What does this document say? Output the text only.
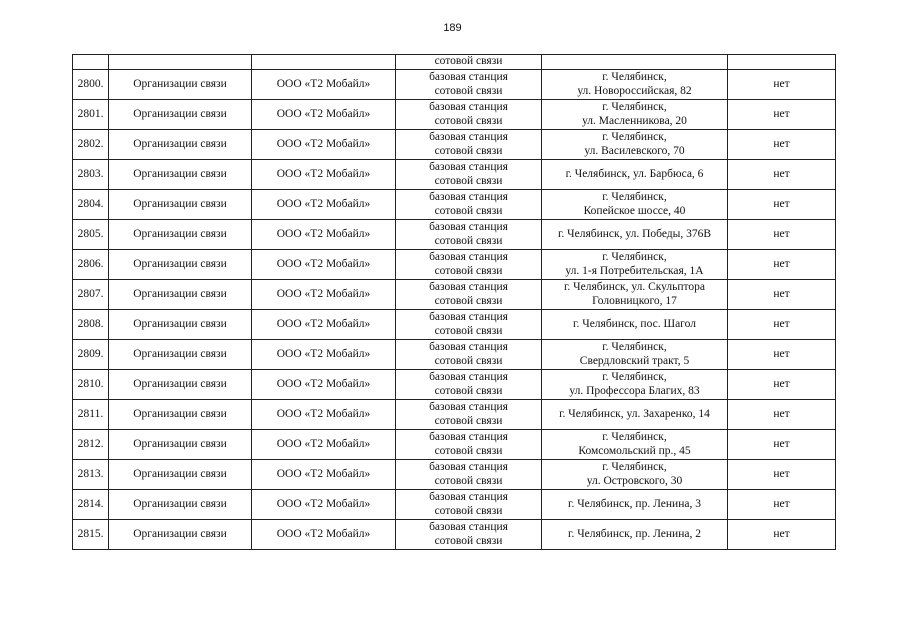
189
			сотовой связи		
2800.	Организации связи	ООО «Т2 Мобайл»	базовая станция
сотовой связи	г. Челябинск,
ул. Новороссийская, 82	нет
2801.	Организации связи	ООО «Т2 Мобайл»	базовая станция
сотовой связи	г. Челябинск,
ул. Масленникова, 20	нет
2802.	Организации связи	ООО «Т2 Мобайл»	базовая станция
сотовой связи	г. Челябинск,
ул. Василевского, 70	нет
2803.	Организации связи	ООО «Т2 Мобайл»	базовая станция
сотовой связи	г. Челябинск, ул. Барбюса, 6	нет
2804.	Организации связи	ООО «Т2 Мобайл»	базовая станция
сотовой связи	г. Челябинск,
Копейское шоссе, 40	нет
2805.	Организации связи	ООО «Т2 Мобайл»	базовая станция
сотовой связи	г. Челябинск, ул. Победы, 376В	нет
2806.	Организации связи	ООО «Т2 Мобайл»	базовая станция
сотовой связи	г. Челябинск,
ул. 1-я Потребительская, 1А	нет
2807.	Организации связи	ООО «Т2 Мобайл»	базовая станция
сотовой связи	г. Челябинск, ул. Скульптора
Головницкого, 17	нет
2808.	Организации связи	ООО «Т2 Мобайл»	базовая станция
сотовой связи	г. Челябинск, пос. Шагол	нет
2809.	Организации связи	ООО «Т2 Мобайл»	базовая станция
сотовой связи	г. Челябинск,
Свердловский тракт, 5	нет
2810.	Организации связи	ООО «Т2 Мобайл»	базовая станция
сотовой связи	г. Челябинск,
ул. Профессора Благих, 83	нет
2811.	Организации связи	ООО «Т2 Мобайл»	базовая станция
сотовой связи	г. Челябинск, ул. Захаренко, 14	нет
2812.	Организации связи	ООО «Т2 Мобайл»	базовая станция
сотовой связи	г. Челябинск,
Комсомольский пр., 45	нет
2813.	Организации связи	ООО «Т2 Мобайл»	базовая станция
сотовой связи	г. Челябинск,
ул. Островского, 30	нет
2814.	Организации связи	ООО «Т2 Мобайл»	базовая станция
сотовой связи	г. Челябинск, пр. Ленина, 3	нет
2815.	Организации связи	ООО «Т2 Мобайл»	базовая станция
сотовой связи	г. Челябинск, пр. Ленина, 2	нет
